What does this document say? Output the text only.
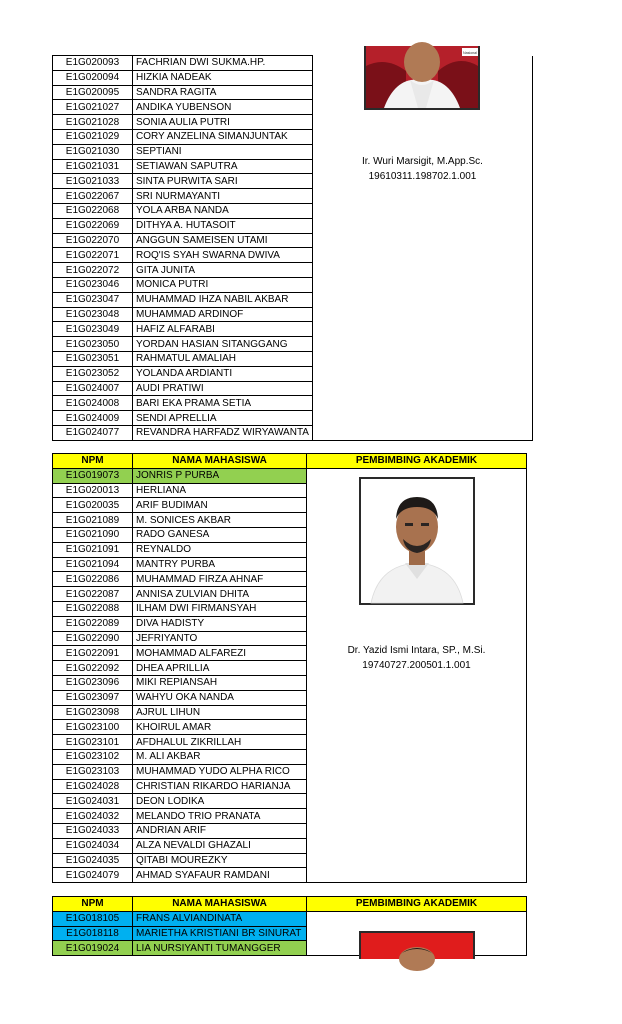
E1G020093	FACHRIAN DWI SUKMA.HP.	Nasional
Ir. Wuri Marsigit, M.App.Sc.
19610311.198702.1.001

E1G020094	HIZKIA NADEAK	
E1G020095	SANDRA RAGITA	
E1G021027	ANDIKA YUBENSON	
E1G021028	SONIA AULIA PUTRI	
E1G021029	CORY ANZELINA SIMANJUNTAK	
E1G021030	SEPTIANI	
E1G021031	SETIAWAN SAPUTRA	
E1G021033	SINTA PURWITA SARI	
E1G022067	SRI NURMAYANTI	
E1G022068	YOLA ARBA NANDA	
E1G022069	DITHYA A. HUTASOIT	
E1G022070	ANGGUN SAMEISEN UTAMI	
E1G022071	ROQ'IS SYAH SWARNA DWIVA	
E1G022072	GITA JUNITA	
E1G023046	MONICA PUTRI	
E1G023047	MUHAMMAD IHZA NABIL AKBAR	
E1G023048	MUHAMMAD ARDINOF	
E1G023049	HAFIZ ALFARABI	
E1G023050	YORDAN HASIAN SITANGGANG	
E1G023051	RAHMATUL AMALIAH	
E1G023052	YOLANDA ARDIANTI	
E1G024007	AUDI PRATIWI	
E1G024008	BARI EKA PRAMA SETIA	
E1G024009	SENDI APRELLIA	
E1G024077	REVANDRA HARFADZ WIRYAWANTA	
NPM	NAMA MAHASISWA	PEMBIMBING AKADEMIK
E1G019073	JONRIS P PURBA	Dr. Yazid Ismi Intara, SP., M.Si.
19740727.200501.1.001

E1G020013	HERLIANA	
E1G020035	ARIF BUDIMAN	
E1G021089	M. SONICES AKBAR	
E1G021090	RADO GANESA	
E1G021091	REYNALDO	
E1G021094	MANTRY PURBA	
E1G022086	MUHAMMAD FIRZA AHNAF	
E1G022087	ANNISA ZULVIAN DHITA	
E1G022088	ILHAM DWI FIRMANSYAH	
E1G022089	DIVA HADISTY	
E1G022090	JEFRIYANTO	
E1G022091	MOHAMMAD ALFAREZI	
E1G022092	DHEA APRILLIA	
E1G023096	MIKI REPIANSAH	
E1G023097	WAHYU OKA NANDA	
E1G023098	AJRUL LIHUN	
E1G023100	KHOIRUL AMAR	
E1G023101	AFDHALUL ZIKRILLAH	
E1G023102	M. ALI AKBAR	
E1G023103	MUHAMMAD YUDO ALPHA RICO	
E1G024028	CHRISTIAN RIKARDO HARIANJA	
E1G024031	DEON LODIKA	
E1G024032	MELANDO TRIO PRANATA	
E1G024033	ANDRIAN ARIF	
E1G024034	ALZA NEVALDI GHAZALI	
E1G024035	QITABI MOUREZKY	
E1G024079	AHMAD SYAFAUR RAMDANI	
NPM	NAMA MAHASISWA	PEMBIMBING AKADEMIK
E1G018105	FRANS ALVIANDINATA	

E1G018118	MARIETHA KRISTIANI BR SINURAT	
E1G019024	LIA NURSIYANTI TUMANGGER	
